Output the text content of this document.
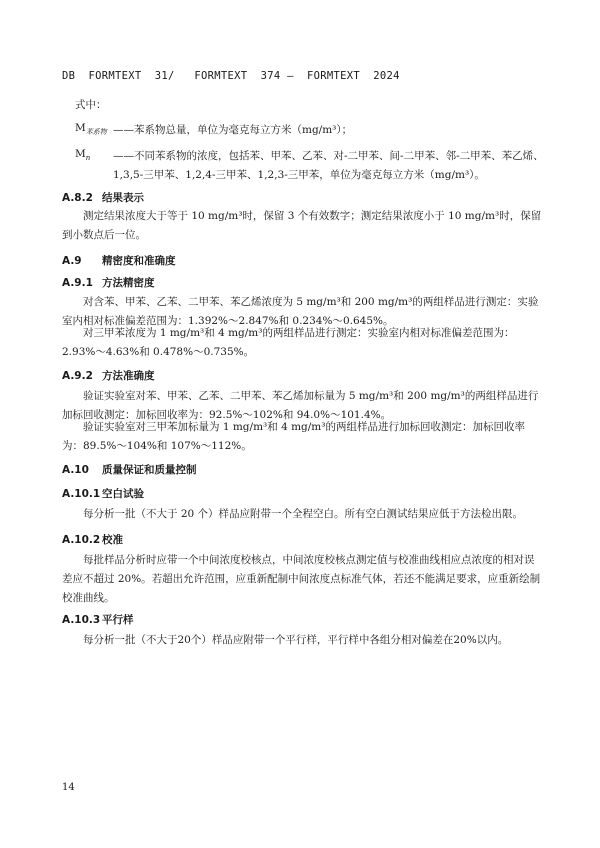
DB  FORMTEXT  31/   FORMTEXT  374 —  FORMTEXT  2024

式中：

$M_{苯系物}$ ——苯系物总量，单位为毫克每立方米（mg/m³）；

$M_n$ ——不同苯系物的浓度，包括苯、甲苯、乙苯、对-二甲苯、间-二甲苯、邻-二甲苯、苯乙烯、1,3,5-三甲苯、1,2,4-三甲苯、1,2,3-三甲苯，单位为毫克每立方米（mg/m³）。

A.8.2 结果表示

测定结果浓度大于等于 10 mg/m³时，保留 3 个有效数字；测定结果浓度小于 10 mg/m³时，保留到小数点后一位。

A.9 精密度和准确度
A.9.1 方法精密度

对含苯、甲苯、乙苯、二甲苯、苯乙烯浓度为 5 mg/m³和 200 mg/m³的两组样品进行测定：实验室内相对标准偏差范围为：1.392%～2.847%和 0.234%～0.645%。

对三甲苯浓度为 1 mg/m³和 4 mg/m³的两组样品进行测定：实验室内相对标准偏差范围为：2.93%～4.63%和 0.478%～0.735%。

A.9.2 方法准确度

验证实验室对苯、甲苯、乙苯、二甲苯、苯乙烯加标量为 5 mg/m³和 200 mg/m³的两组样品进行加标回收测定：加标回收率为：92.5%～102%和 94.0%～101.4%。

验证实验室对三甲苯加标量为 1 mg/m³和 4 mg/m³的两组样品进行加标回收测定：加标回收率为：89.5%～104%和 107%～112%。

A.10 质量保证和质量控制
A.10.1 空白试验

每分析一批（不大于 20 个）样品应附带一个全程空白。所有空白测试结果应低于方法检出限。

A.10.2 校准

每批样品分析时应带一个中间浓度校核点，中间浓度校核点测定值与校准曲线相应点浓度的相对误差应不超过 20%。若超出允许范围，应重新配制中间浓度点标准气体，若还不能满足要求，应重新绘制校准曲线。

A.10.3 平行样

每分析一批（不大于20个）样品应附带一个平行样，平行样中各组分相对偏差在20%以内。

14
